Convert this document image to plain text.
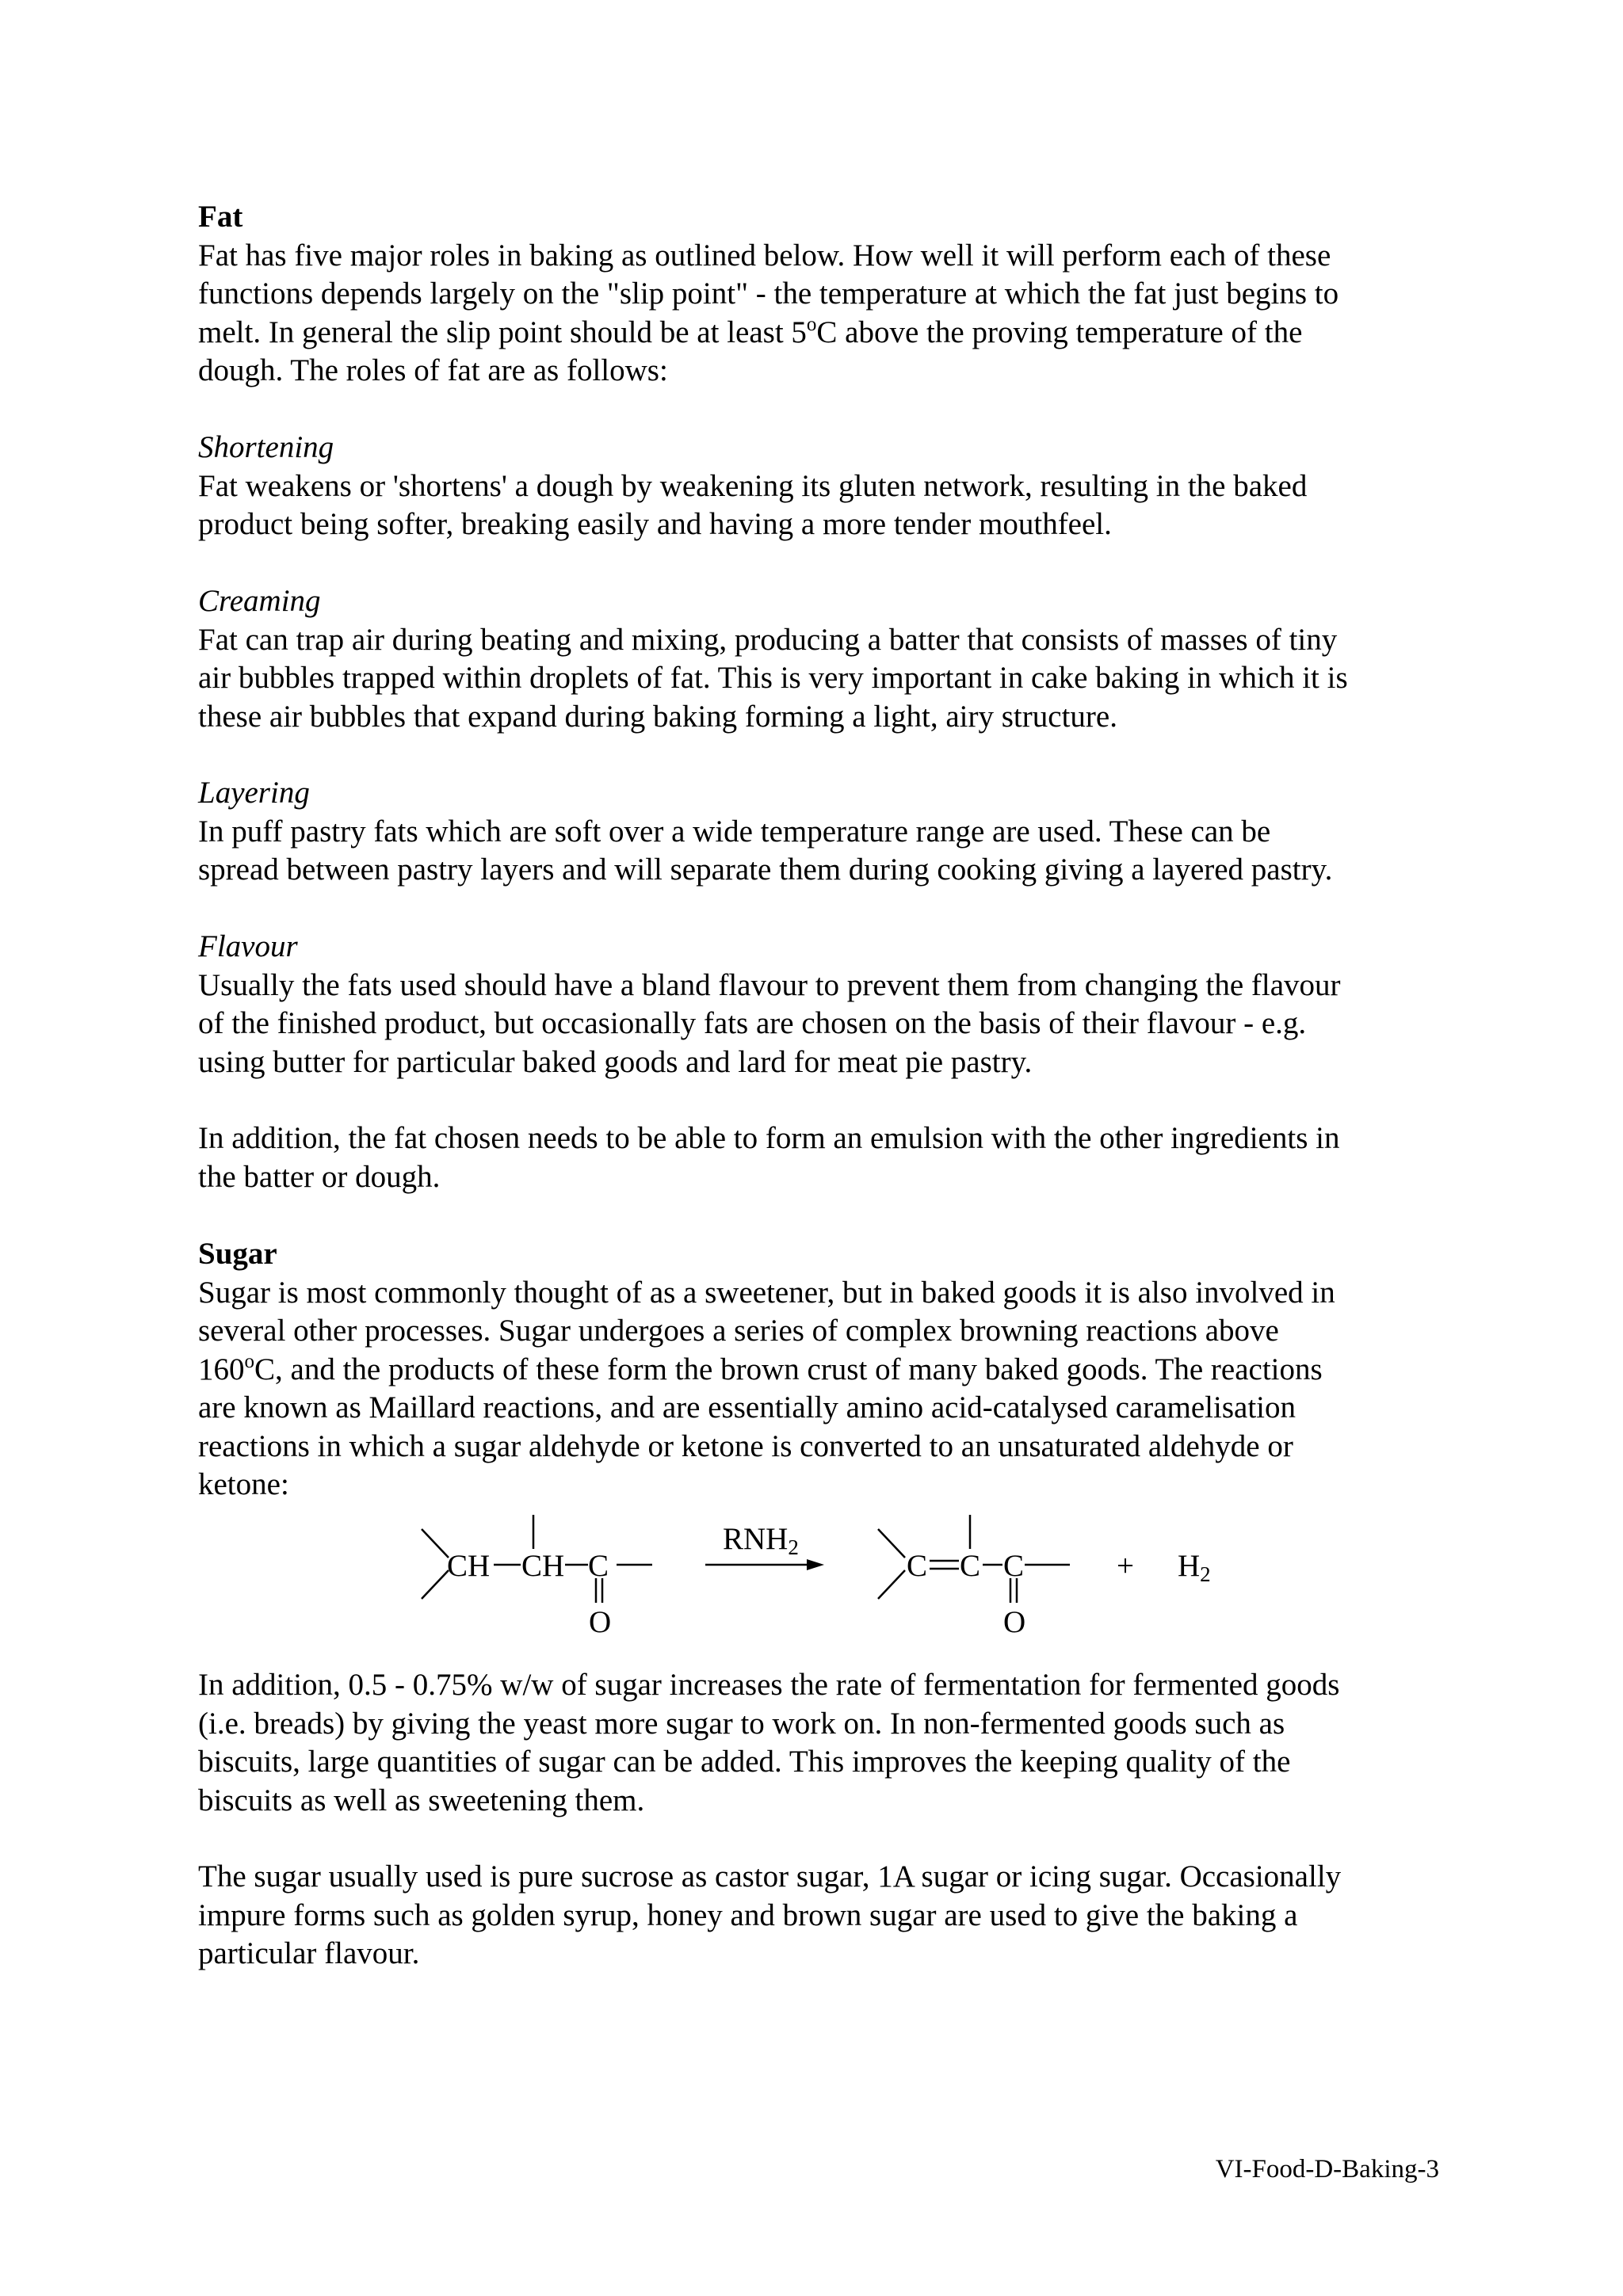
Fat
Fat has five major roles in baking as outlined below. How well it will perform each of these
functions depends largely on the "slip point" - the temperature at which the fat just begins to
melt. In general the slip point should be at least 5$^o$C above the proving temperature of the
dough. The roles of fat are as follows:
Shortening
Fat weakens or 'shortens' a dough by weakening its gluten network, resulting in the baked
product being softer, breaking easily and having a more tender mouthfeel.
Creaming
Fat can trap air during beating and mixing, producing a batter that consists of masses of tiny
air bubbles trapped within droplets of fat. This is very important in cake baking in which it is
these air bubbles that expand during baking forming a light, airy structure.
Layering
In puff pastry fats which are soft over a wide temperature range are used. These can be
spread between pastry layers and will separate them during cooking giving a layered pastry.
Flavour
Usually the fats used should have a bland flavour to prevent them from changing the flavour
of the finished product, but occasionally fats are chosen on the basis of their flavour - e.g.
using butter for particular baked goods and lard for meat pie pastry.
In addition, the fat chosen needs to be able to form an emulsion with the other ingredients in
the batter or dough.
Sugar
Sugar is most commonly thought of as a sweetener, but in baked goods it is also involved in
several other processes. Sugar undergoes a series of complex browning reactions above
160$^o$C, and the products of these form the brown crust of many baked goods. The reactions
are known as Maillard reactions, and are essentially amino acid-catalysed caramelisation
reactions in which a sugar aldehyde or ketone is converted to an unsaturated aldehyde or
ketone:
CH CH C
O
RNH2
C C C
O
+ H2
In addition, 0.5 - 0.75% w/w of sugar increases the rate of fermentation for fermented goods
(i.e. breads) by giving the yeast more sugar to work on. In non-fermented goods such as
biscuits, large quantities of sugar can be added. This improves the keeping quality of the
biscuits as well as sweetening them.
The sugar usually used is pure sucrose as castor sugar, 1A sugar or icing sugar. Occasionally
impure forms such as golden syrup, honey and brown sugar are used to give the baking a
particular flavour.
VI-Food-D-Baking-3
